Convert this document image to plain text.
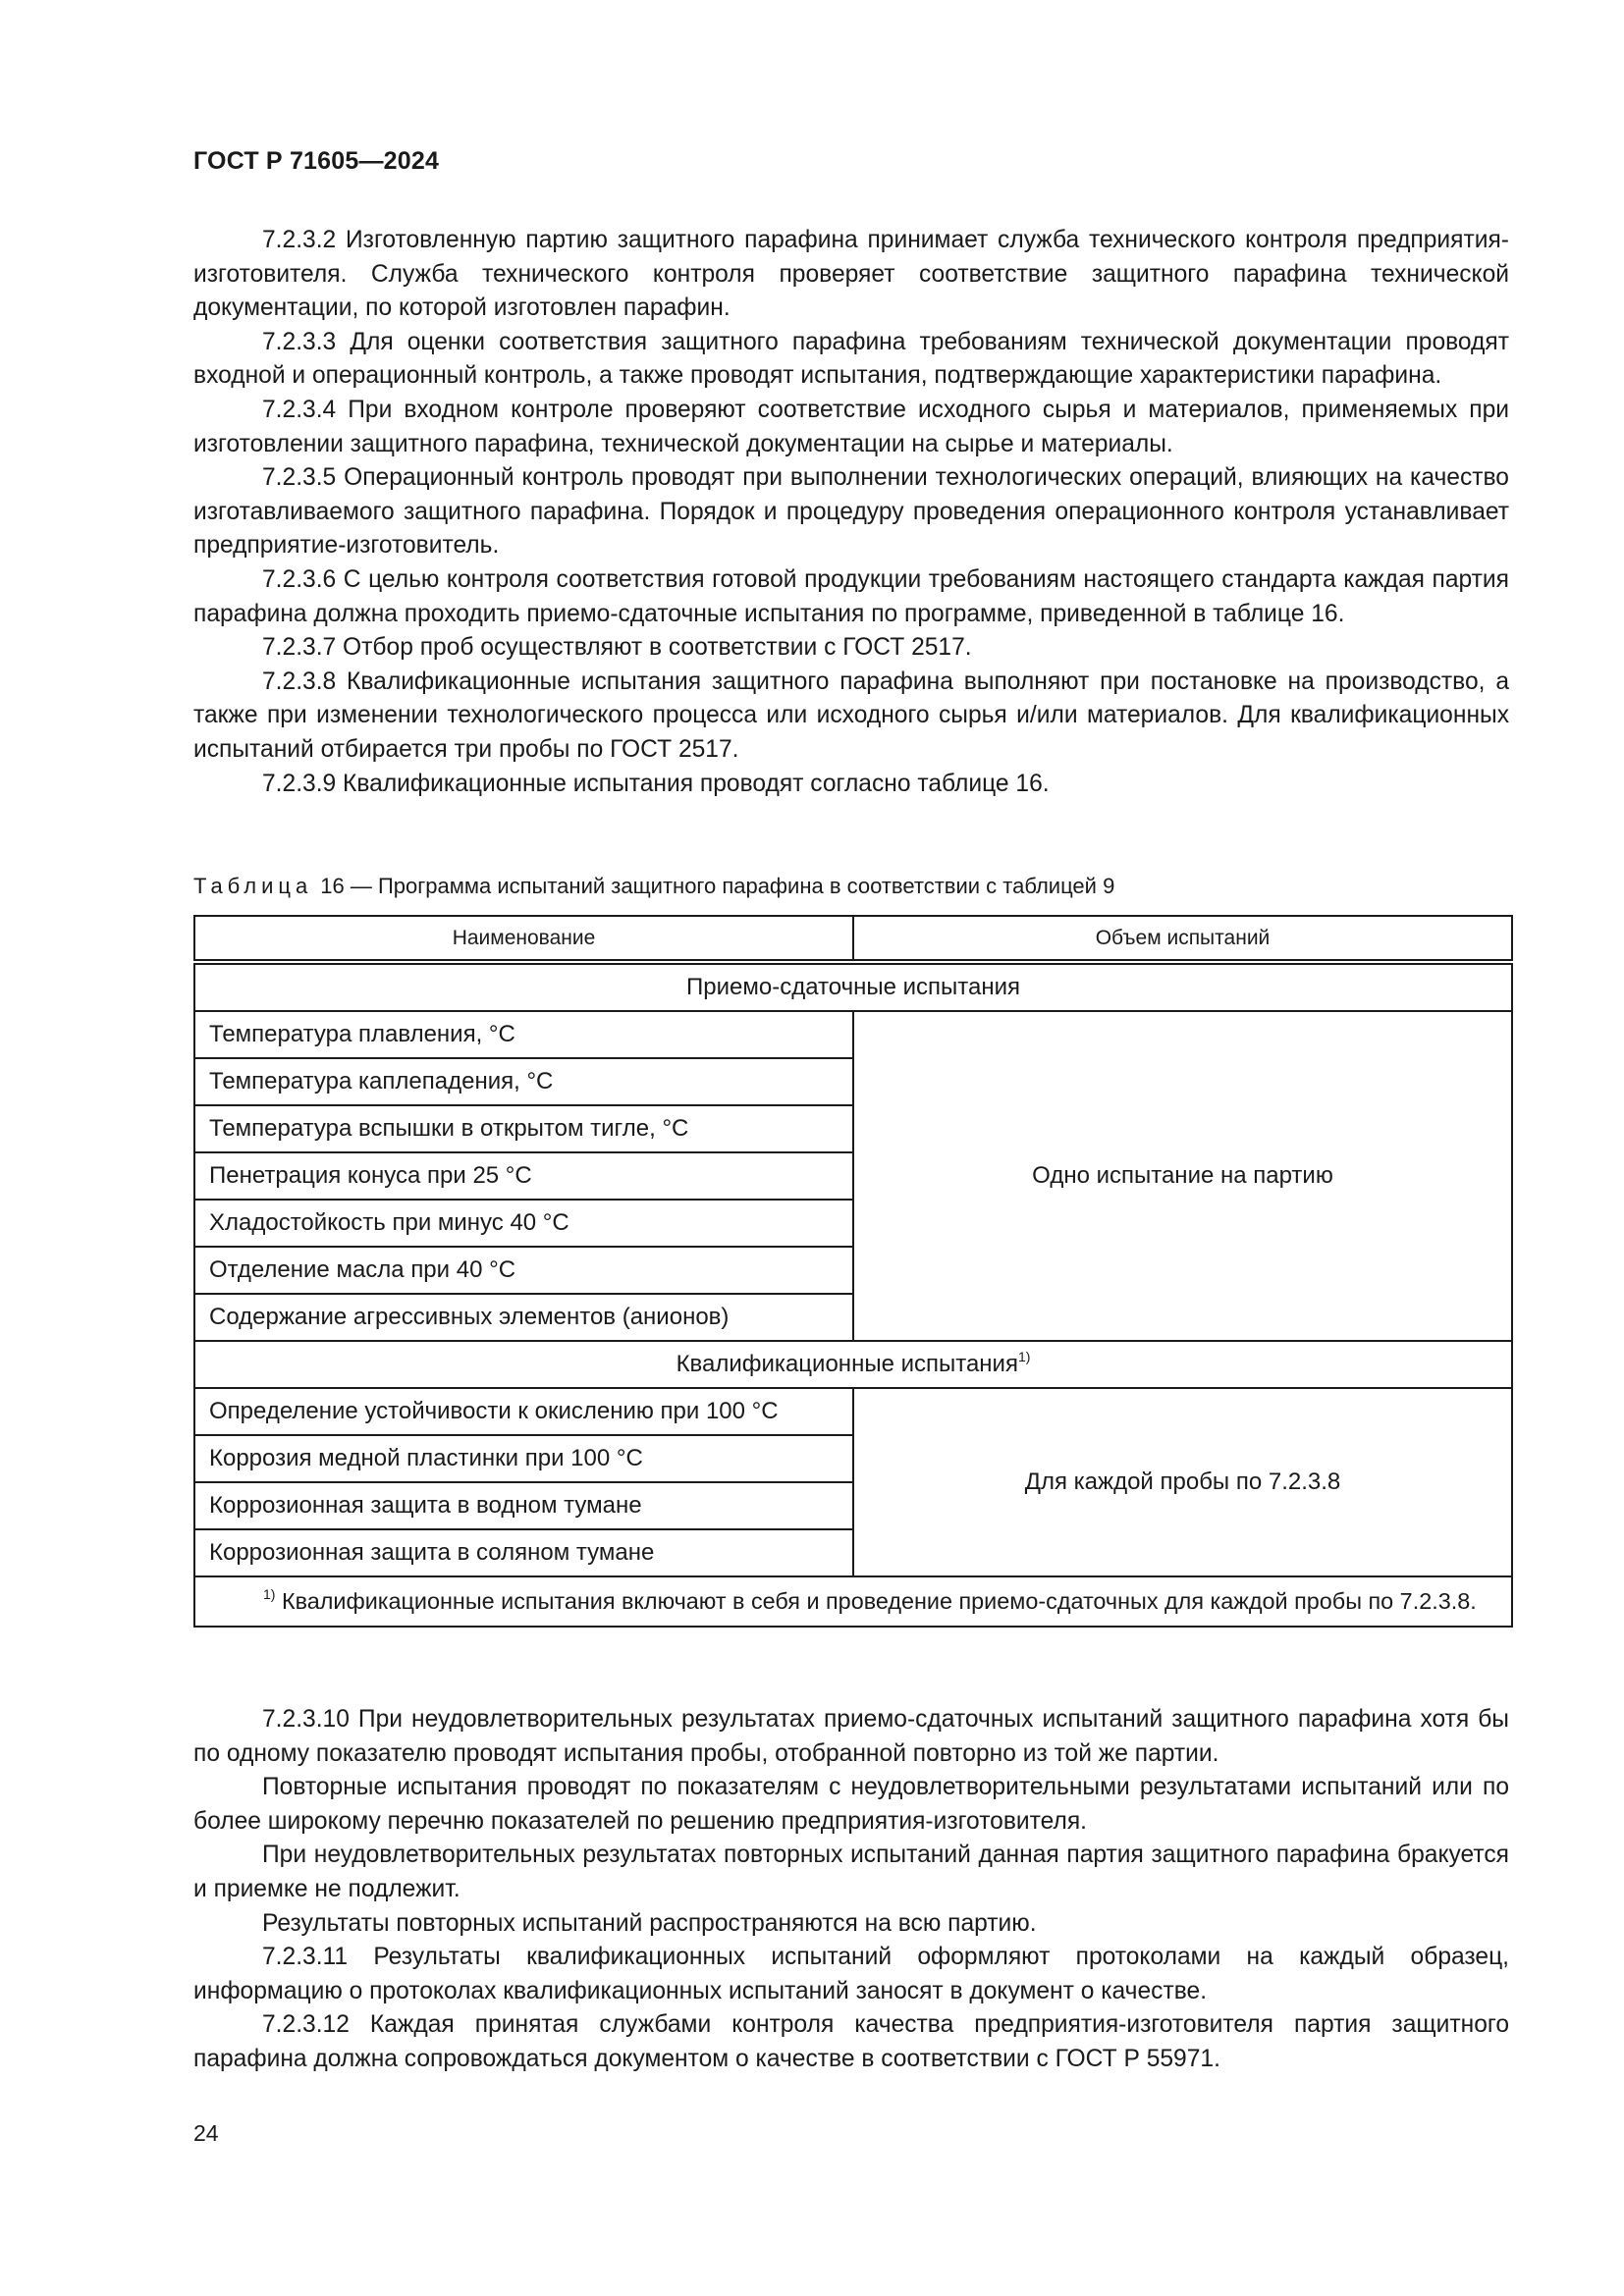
ГОСТ Р 71605—2024

7.2.3.2 Изготовленную партию защитного парафина принимает служба технического контроля предприятия-изготовителя. Служба технического контроля проверяет соответствие защитного парафина технической документации, по которой изготовлен парафин.

7.2.3.3 Для оценки соответствия защитного парафина требованиям технической документации проводят входной и операционный контроль, а также проводят испытания, подтверждающие характеристики парафина.

7.2.3.4 При входном контроле проверяют соответствие исходного сырья и материалов, применяемых при изготовлении защитного парафина, технической документации на сырье и материалы.

7.2.3.5 Операционный контроль проводят при выполнении технологических операций, влияющих на качество изготавливаемого защитного парафина. Порядок и процедуру проведения операционного контроля устанавливает предприятие-изготовитель.

7.2.3.6 С целью контроля соответствия готовой продукции требованиям настоящего стандарта каждая партия парафина должна проходить приемо-сдаточные испытания по программе, приведенной в таблице 16.

7.2.3.7 Отбор проб осуществляют в соответствии с ГОСТ 2517.

7.2.3.8 Квалификационные испытания защитного парафина выполняют при постановке на производство, а также при изменении технологического процесса или исходного сырья и/или материалов. Для квалификационных испытаний отбирается три пробы по ГОСТ 2517.

7.2.3.9 Квалификационные испытания проводят согласно таблице 16.

Таблица 16 — Программа испытаний защитного парафина в соответствии с таблицей 9
Наименование	Объем испытаний
Приемо-сдаточные испытания	
Температура плавления, °C	Одно испытание на партию
Температура каплепадения, °C	
Температура вспышки в открытом тигле, °C	
Пенетрация конуса при 25 °C	
Хладостойкость при минус 40 °C	
Отделение масла при 40 °C	
Содержание агрессивных элементов (анионов)	
Квалификационные испытания$^{1)}$
Определение устойчивости к окислению при 100 °C	Для каждой пробы по 7.2.3.8
Коррозия медной пластинки при 100 °C	
Коррозионная защита в водном тумане	
Коррозионная защита в соляном тумане	

$^{1)}$ Квалификационные испытания включают в себя и проведение приемо-сдаточных для каждой пробы по 7.2.3.8.	

7.2.3.10 При неудовлетворительных результатах приемо-сдаточных испытаний защитного парафина хотя бы по одному показателю проводят испытания пробы, отобранной повторно из той же партии.

Повторные испытания проводят по показателям с неудовлетворительными результатами испытаний или по более широкому перечню показателей по решению предприятия-изготовителя.

При неудовлетворительных результатах повторных испытаний данная партия защитного парафина бракуется и приемке не подлежит.

Результаты повторных испытаний распространяются на всю партию.

7.2.3.11 Результаты квалификационных испытаний оформляют протоколами на каждый образец, информацию о протоколах квалификационных испытаний заносят в документ о качестве.

7.2.3.12 Каждая принятая службами контроля качества предприятия-изготовителя партия защитного парафина должна сопровождаться документом о качестве в соответствии с ГОСТ Р 55971.

24
